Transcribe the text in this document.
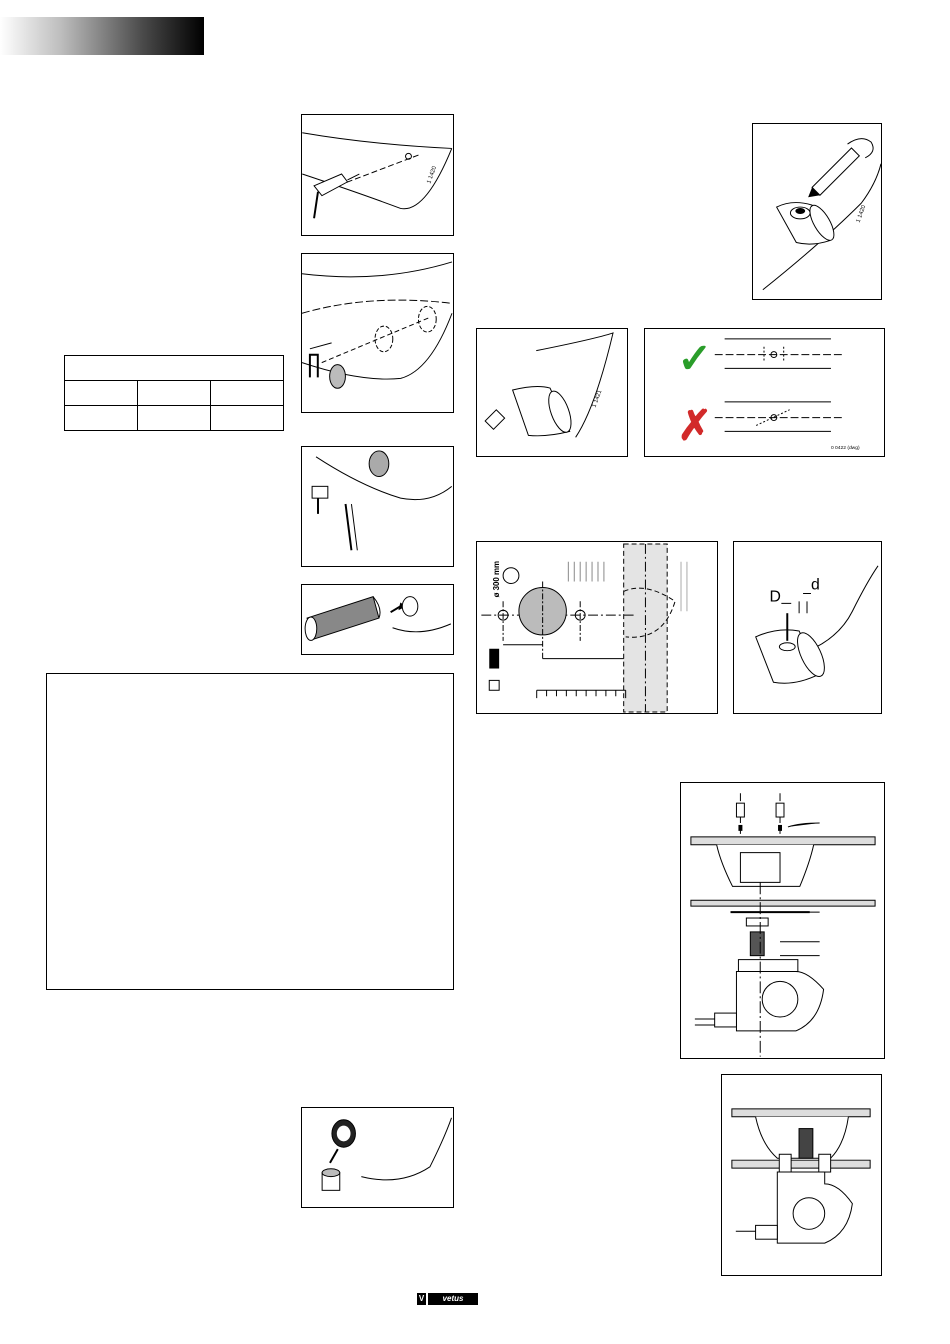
1 1420

1 1420
1 1421
✓
✗
0 0422 (dwg)
ø 300 mm	D
d
V	vetus
